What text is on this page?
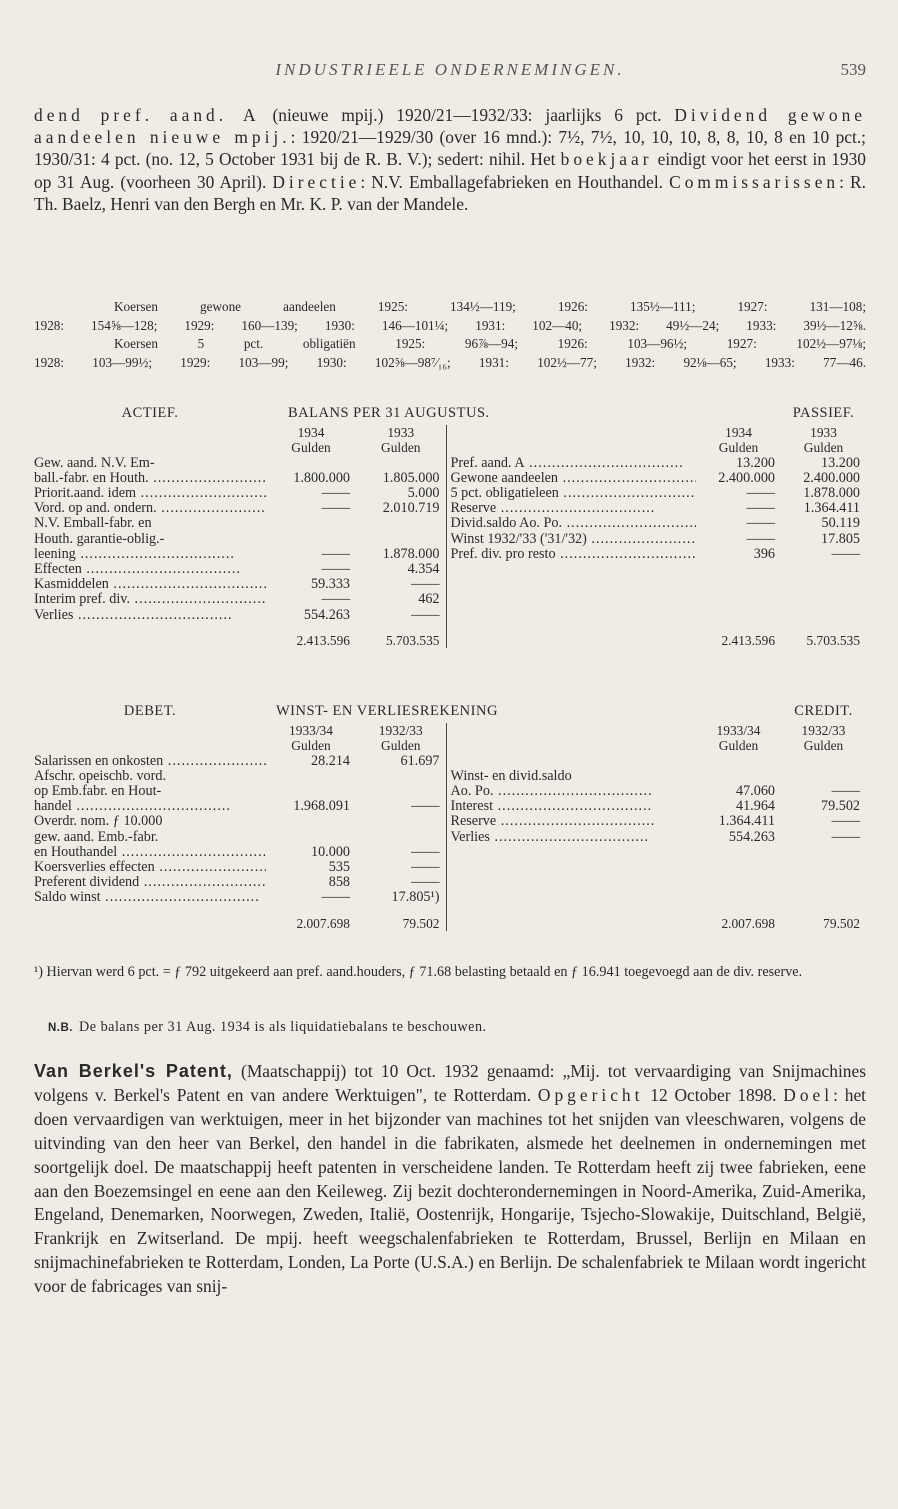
INDUSTRIEELE ONDERNEMINGEN.	539

dend pref. aand. A (nieuwe mpij.) 1920/21—1932/33: jaarlijks 6 pct. Dividend gewone aandeelen nieuwe mpij.: 1920/21—1929/30 (over 16 mnd.): 7½, 7½, 10, 10, 10, 8, 8, 10, 8 en 10 pct.; 1930/31: 4 pct. (no. 12, 5 October 1931 bij de R. B. V.); sedert: nihil. Het boekjaar eindigt voor het eerst in 1930 op 31 Aug. (voorheen 30 April). Directie: N.V. Emballagefabrieken en Houthandel. Commissarissen: R. Th. Baelz, Henri van den Bergh en Mr. K. P. van der Mandele.

Koersen gewone aandeelen 1925: 134½—119; 1926: 135½—111; 1927: 131—108;

1928: 154⅝—128; 1929: 160—139; 1930: 146—101¼; 1931: 102—40; 1932: 49½—24; 1933: 39½—12⅝.

Koersen 5 pct. obligatiën 1925: 96⅞—94; 1926: 103—96½; 1927: 102½—97⅛;

1928: 103—99½; 1929: 103—99; 1930: 102⅝—98⁷⁄₁₆; 1931: 102½—77; 1932: 92⅛—65; 1933: 77—46.

ACTIEF.	BALANS PER 31 AUGUSTUS.				PASSIEF.
	1934	1933		1934	1933
	Gulden	Gulden		Gulden	Gulden
Gew. aand. N.V. Em-			Pref. aand. A .....	13.200	13.200
ball.-fabr. en Houth. .....	1.800.000	1.805.000	Gewone aandeelen .....	2.400.000	2.400.000
Priorit.aand. idem .....	——	5.000	5 pct. obligatieleen .....	——	1.878.000
Vord. op and. ondern. .....	——	2.010.719	Reserve .....	——	1.364.411
N.V. Emball-fabr. en			Divid.saldo Ao. Po. .....	——	50.119
Houth. garantie-oblig.-			Winst 1932/'33 ('31/'32) .....	——	17.805
leening .....	——	1.878.000	Pref. div. pro resto .....	396	——
Effecten .....	——	4.354			
Kasmiddelen .....	59.333	——			
Interim pref. div. .....	——	462			
Verlies .....	554.263	——			
	2.413.596	5.703.535		2.413.596	5.703.535
DEBET.	WINST- EN VERLIESREKENING				CREDIT.
	1933/34	1932/33		1933/34	1932/33
	Gulden	Gulden		Gulden	Gulden
Salarissen en onkosten .....	28.214	61.697			
Afschr. opeischb. vord.			Winst- en divid.saldo		
op Emb.fabr. en Hout-			Ao. Po. .....	47.060	——
handel .....	1.968.091	——	Interest .....	41.964	79.502
Overdr. nom. ƒ 10.000			Reserve .....	1.364.411	——
gew. aand. Emb.-fabr.			Verlies .....	554.263	——
en Houthandel .....	10.000	——			
Koersverlies effecten .....	535	——			
Preferent dividend .....	858	——			
Saldo winst .....	——	17.805¹)			
	2.007.698	79.502		2.007.698	79.502

¹) Hiervan werd 6 pct. = ƒ 792 uitgekeerd aan pref. aand.houders, ƒ 71.68 belasting betaald en ƒ 16.941 toegevoegd aan de div. reserve.

N.B. De balans per 31 Aug. 1934 is als liquidatiebalans te beschouwen.

Van Berkel's Patent, (Maatschappij) tot 10 Oct. 1932 genaamd: „Mij. tot vervaardiging van Snijmachines volgens v. Berkel's Patent en van andere Werktuigen", te Rotterdam. Opgericht 12 October 1898. Doel: het doen vervaardigen van werktuigen, meer in het bijzonder van machines tot het snijden van vleeschwaren, volgens de uitvinding van den heer van Berkel, den handel in die fabrikaten, alsmede het deelnemen in ondernemingen met soortgelijk doel. De maatschappij heeft patenten in verscheidene landen. Te Rotterdam heeft zij twee fabrieken, eene aan den Boezemsingel en eene aan den Keileweg. Zij bezit dochterondernemingen in Noord-Amerika, Zuid-Amerika, Engeland, Denemarken, Noorwegen, Zweden, Italië, Oostenrijk, Hongarije, Tsjecho-Slowakije, Duitschland, België, Frankrijk en Zwitserland. De mpij. heeft weegschalenfabrieken te Rotterdam, Brussel, Berlijn en Milaan en snijmachinefabrieken te Rotterdam, Londen, La Porte (U.S.A.) en Berlijn. De schalenfabriek te Milaan wordt ingericht voor de fabricages van snij-
